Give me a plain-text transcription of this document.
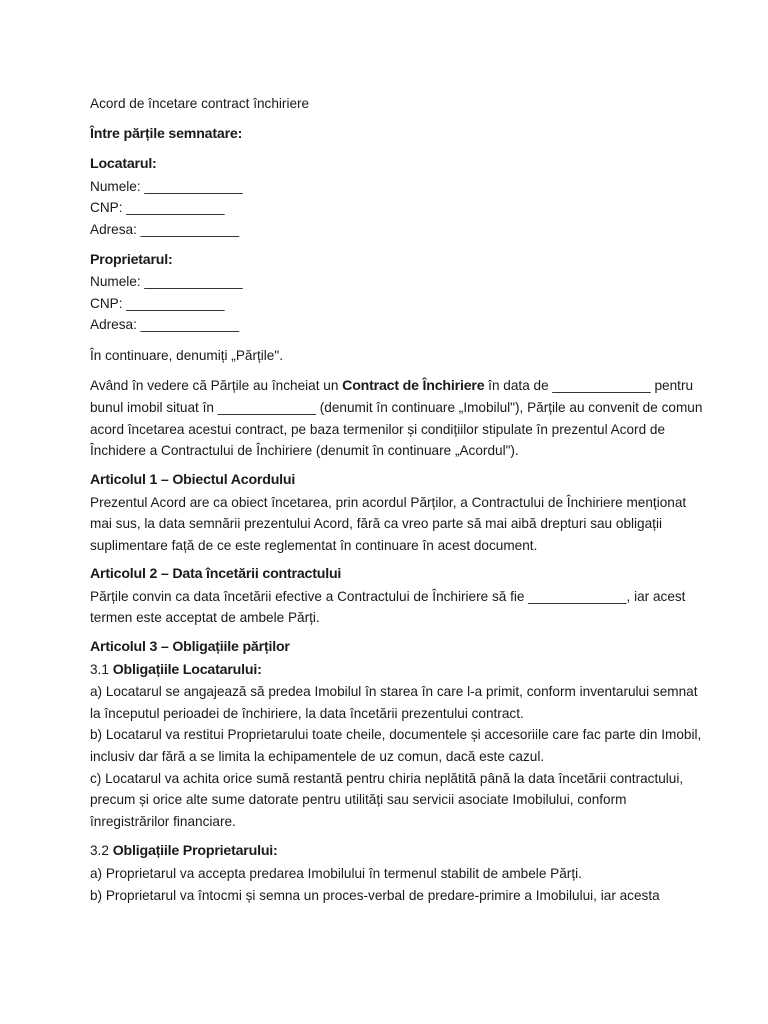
Acord de încetare contract închiriere

Între părțile semnatare:

Locatarul:
Numele: _____________
CNP: _____________
Adresa: _____________
Proprietarul:
Numele: _____________
CNP: _____________
Adresa: _____________

În continuare, denumiți „Părțile".

Având în vedere că Părțile au încheiat un Contract de Închiriere în data de _____________ pentru bunul imobil situat în _____________ (denumit în continuare „Imobilul"), Părțile au convenit de comun acord încetarea acestui contract, pe baza termenilor și condițiilor stipulate în prezentul Acord de Închidere a Contractului de Închiriere (denumit în continuare „Acordul").

Articolul 1 – Obiectul Acordului

Prezentul Acord are ca obiect încetarea, prin acordul Părților, a Contractului de Închiriere menționat mai sus, la data semnării prezentului Acord, fără ca vreo parte să mai aibă drepturi sau obligații suplimentare față de ce este reglementat în continuare în acest document.

Articolul 2 – Data încetării contractului

Părțile convin ca data încetării efective a Contractului de Închiriere să fie _____________, iar acest termen este acceptat de ambele Părți.

Articolul 3 – Obligațiile părților

3.1 Obligațiile Locatarului:

a) Locatarul se angajează să predea Imobilul în starea în care l-a primit, conform inventarului semnat la începutul perioadei de închiriere, la data încetării prezentului contract.

b) Locatarul va restitui Proprietarului toate cheile, documentele și accesoriile care fac parte din Imobil, inclusiv dar fără a se limita la echipamentele de uz comun, dacă este cazul.

c) Locatarul va achita orice sumă restantă pentru chiria neplătită până la data încetării contractului, precum și orice alte sume datorate pentru utilități sau servicii asociate Imobilului, conform înregistrărilor financiare.

3.2 Obligațiile Proprietarului:

a) Proprietarul va accepta predarea Imobilului în termenul stabilit de ambele Părți.

b) Proprietarul va întocmi și semna un proces-verbal de predare-primire a Imobilului, iar acesta
